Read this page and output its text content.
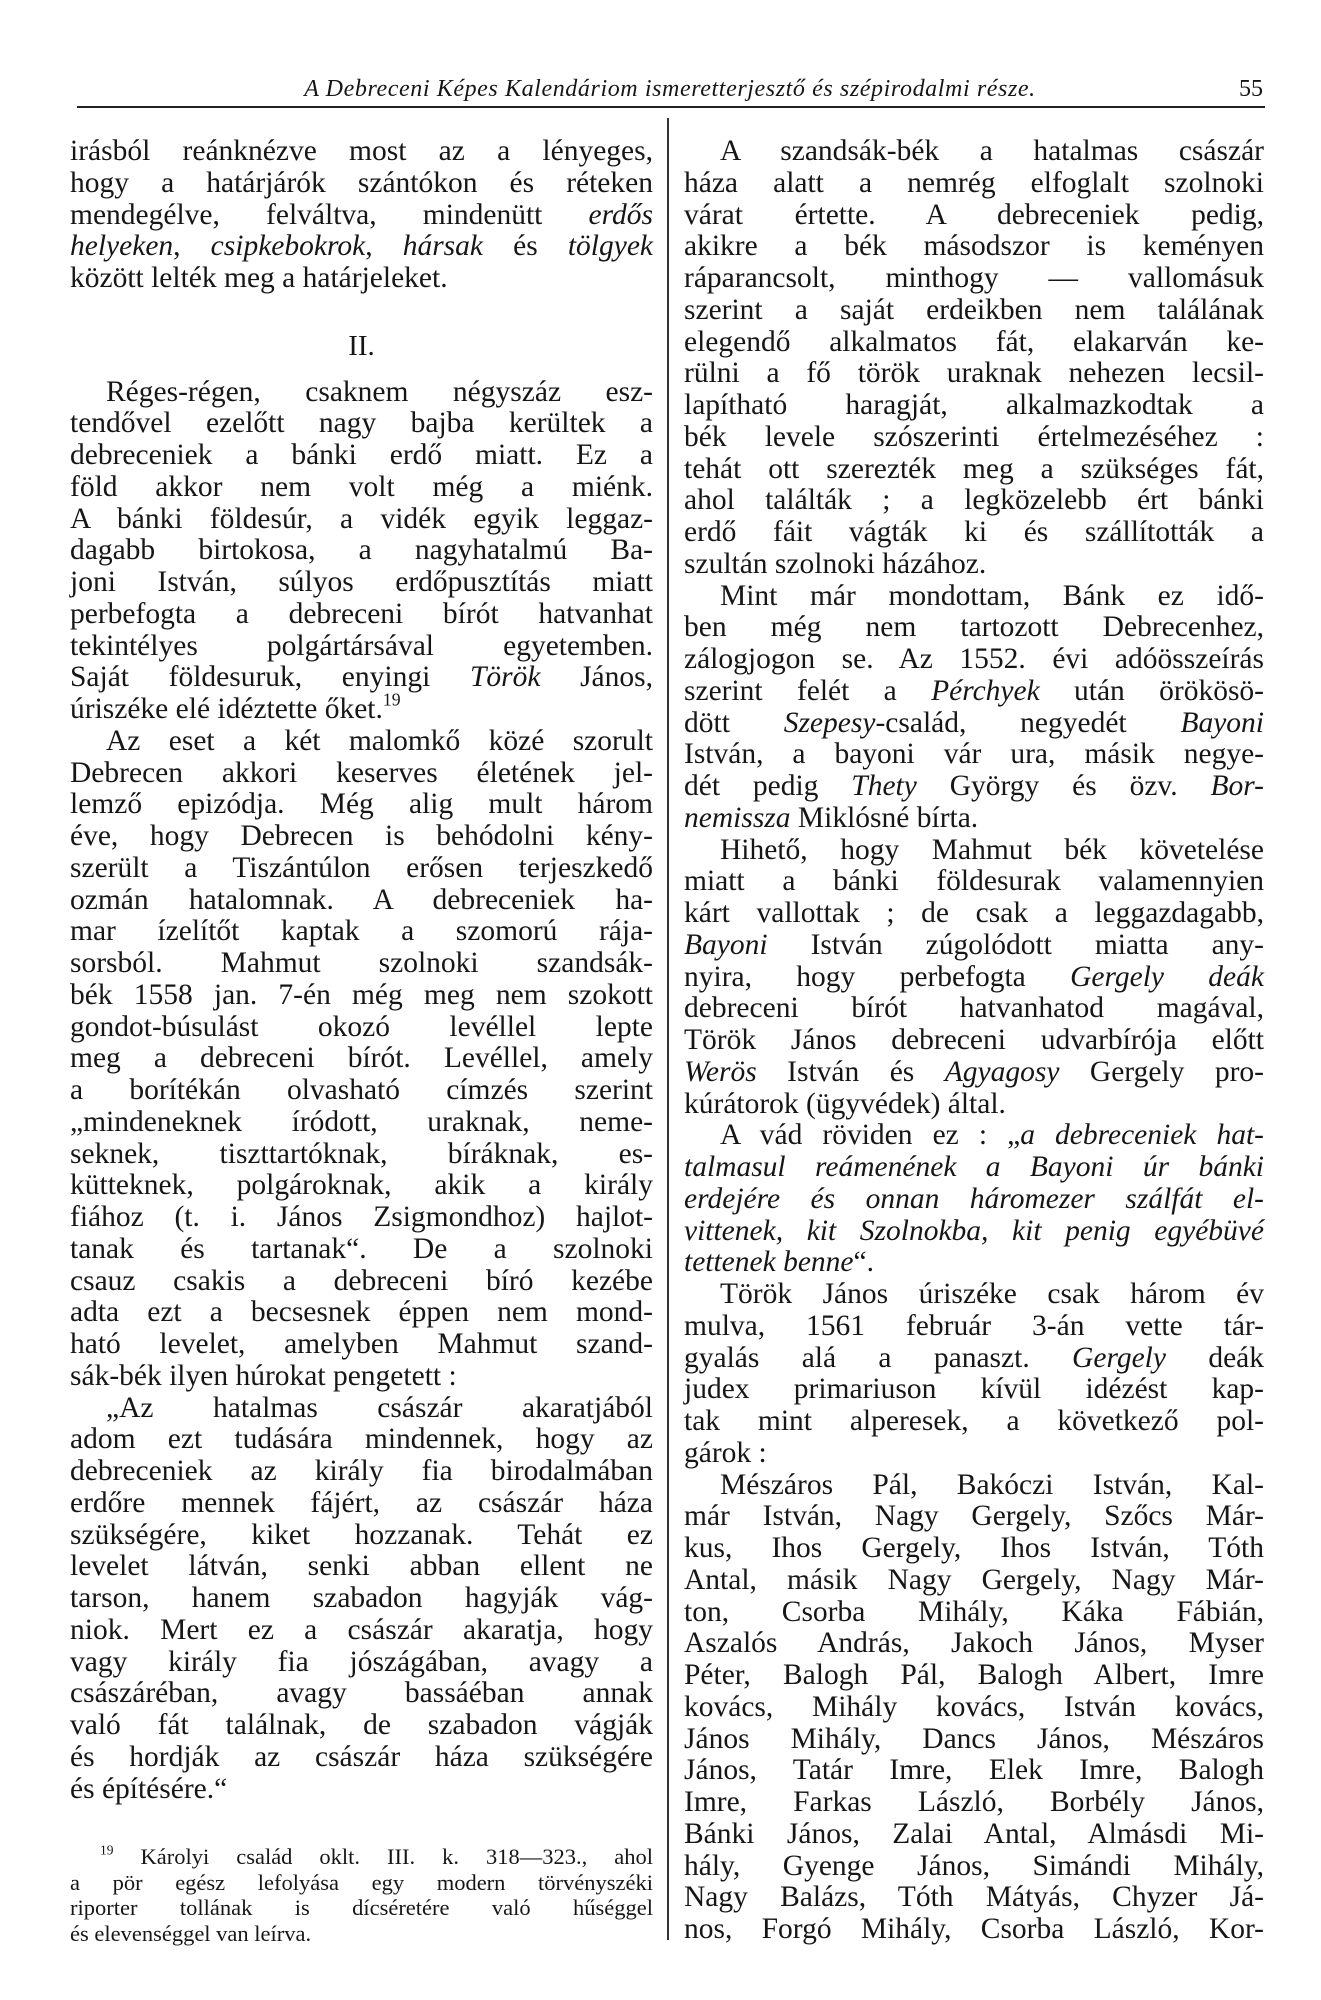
A Debreceni Képes Kalendáriom ismeretterjesztő és szépirodalmi része.	55
irásból reánknézve most az a lényeges,
hogy a határjárók szántókon és réteken
mendegélve, felváltva, mindenütt erdős
helyeken, csipkebokrok, hársak és tölgyek
között lelték meg a határjeleket.
II.
Réges-régen, csaknem négyszáz esz-
tendővel ezelőtt nagy bajba kerültek a
debreceniek a bánki erdő miatt. Ez a
föld akkor nem volt még a miénk.
A bánki földesúr, a vidék egyik leggaz-
dagabb birtokosa, a nagyhatalmú Ba-
joni István, súlyos erdőpusztítás miatt
perbefogta a debreceni bírót hatvanhat
tekintélyes polgártársával egyetemben.
Saját földesuruk, enyingi Török János,
úriszéke elé idéztette őket.$^{19}$
Az eset a két malomkő közé szorult
Debrecen akkori keserves életének jel-
lemző epizódja. Még alig mult három
éve, hogy Debrecen is behódolni kény-
szerült a Tiszántúlon erősen terjeszkedő
ozmán hatalomnak. A debreceniek ha-
mar ízelítőt kaptak a szomorú rája-
sorsból. Mahmut szolnoki szandsák-
bék 1558 jan. 7-én még meg nem szokott
gondot-búsulást okozó levéllel lepte
meg a debreceni bírót. Levéllel, amely
a borítékán olvasható címzés szerint
„mindeneknek íródott, uraknak, neme-
seknek, tiszttartóknak, bíráknak, es-
kütteknek, polgároknak, akik a király
fiához (t. i. János Zsigmondhoz) hajlot-
tanak és tartanak“. De a szolnoki
csauz csakis a debreceni bíró kezébe
adta ezt a becsesnek éppen nem mond-
ható levelet, amelyben Mahmut szand-
sák-bék ilyen húrokat pengetett :
„Az hatalmas császár akaratjából
adom ezt tudására mindennek, hogy az
debreceniek az király fia birodalmában
erdőre mennek fájért, az császár háza
szükségére, kiket hozzanak. Tehát ez
levelet látván, senki abban ellent ne
tarson, hanem szabadon hagyják vág-
niok. Mert ez a császár akaratja, hogy
vagy király fia jószágában, avagy a
császáréban, avagy bassáéban annak
való fát találnak, de szabadon vágják
és hordják az császár háza szükségére
és építésére.“
$^{19}$ Károlyi család oklt. III. k. 318—323., ahol
a pör egész lefolyása egy modern törvényszéki
riporter tollának is dícséretére való hűséggel
és elevenséggel van leírva.
A szandsák-bék a hatalmas császár
háza alatt a nemrég elfoglalt szolnoki
várat értette. A debreceniek pedig,
akikre a bék másodszor is keményen
ráparancsolt, minthogy — vallomásuk
szerint a saját erdeikben nem találának
elegendő alkalmatos fát, elakarván ke-
rülni a fő török uraknak nehezen lecsil-
lapítható haragját, alkalmazkodtak a
bék levele szószerinti értelmezéséhez :
tehát ott szerezték meg a szükséges fát,
ahol találták ; a legközelebb ért bánki
erdő fáit vágták ki és szállították a
szultán szolnoki házához.
Mint már mondottam, Bánk ez idő-
ben még nem tartozott Debrecenhez,
zálogjogon se. Az 1552. évi adóösszeírás
szerint felét a Pérchyek után örökösö-
dött Szepesy-család, negyedét Bayoni
István, a bayoni vár ura, másik negye-
dét pedig Thety György és özv. Bor-
nemissza Miklósné bírta.
Hihető, hogy Mahmut bék követelése
miatt a bánki földesurak valamennyien
kárt vallottak ; de csak a leggazdagabb,
Bayoni István zúgolódott miatta any-
nyira, hogy perbefogta Gergely deák
debreceni bírót hatvanhatod magával,
Török János debreceni udvarbírója előtt
Werös István és Agyagosy Gergely pro-
kúrátorok (ügyvédek) által.
A vád röviden ez : „a debreceniek hat-
talmasul reámenének a Bayoni úr bánki
erdejére és onnan háromezer szálfát el-
vittenek, kit Szolnokba, kit penig egyébüvé
tettenek benne“.
Török János úriszéke csak három év
mulva, 1561 február 3-án vette tár-
gyalás alá a panaszt. Gergely deák
judex primariuson kívül idézést kap-
tak mint alperesek, a következő pol-
gárok :
Mészáros Pál, Bakóczi István, Kal-
már István, Nagy Gergely, Szőcs Már-
kus, Ihos Gergely, Ihos István, Tóth
Antal, másik Nagy Gergely, Nagy Már-
ton, Csorba Mihály, Káka Fábián,
Aszalós András, Jakoch János, Myser
Péter, Balogh Pál, Balogh Albert, Imre
kovács, Mihály kovács, István kovács,
János Mihály, Dancs János, Mészáros
János, Tatár Imre, Elek Imre, Balogh
Imre, Farkas László, Borbély János,
Bánki János, Zalai Antal, Almásdi Mi-
hály, Gyenge János, Simándi Mihály,
Nagy Balázs, Tóth Mátyás, Chyzer Já-
nos, Forgó Mihály, Csorba László, Kor-
